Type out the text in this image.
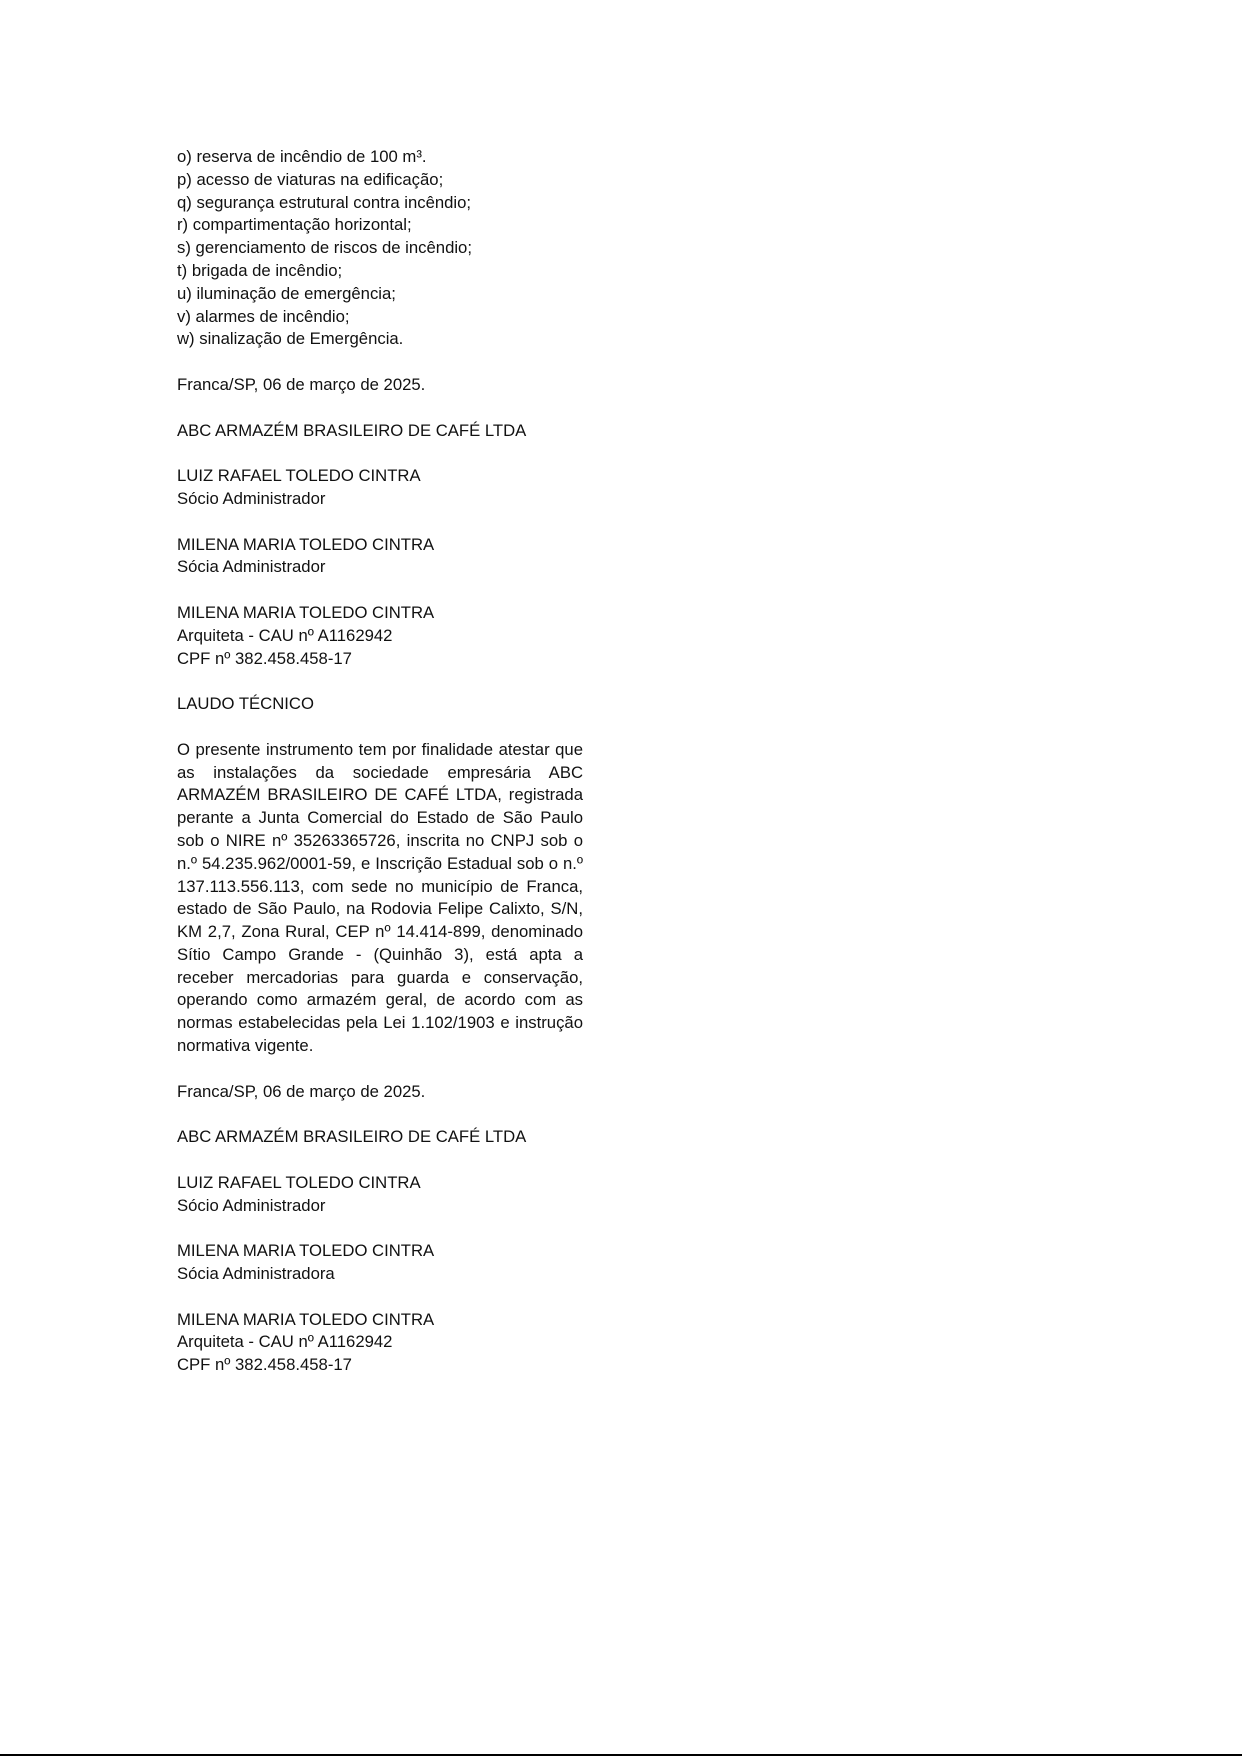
o) reserva de incêndio de 100 m³.
p) acesso de viaturas na edificação;
q) segurança estrutural contra incêndio;
r) compartimentação horizontal;
s) gerenciamento de riscos de incêndio;
t) brigada de incêndio;
u) iluminação de emergência;
v) alarmes de incêndio;
w) sinalização de Emergência.
Franca/SP, 06 de março de 2025.
ABC ARMAZÉM BRASILEIRO DE CAFÉ LTDA
LUIZ RAFAEL TOLEDO CINTRA
Sócio Administrador
MILENA MARIA TOLEDO CINTRA
Sócia Administrador
MILENA MARIA TOLEDO CINTRA
Arquiteta - CAU nº A1162942
CPF nº 382.458.458-17
LAUDO TÉCNICO
O presente instrumento tem por finalidade atestar que as instalações da sociedade empresária ABC ARMAZÉM BRASILEIRO DE CAFÉ LTDA, registrada perante a Junta Comercial do Estado de São Paulo sob o NIRE nº 35263365726, inscrita no CNPJ sob o n.º 54.235.962/0001-59, e Inscrição Estadual sob o n.º 137.113.556.113, com sede no município de Franca, estado de São Paulo, na Rodovia Felipe Calixto, S/N, KM 2,7, Zona Rural, CEP nº 14.414-899, denominado Sítio Campo Grande - (Quinhão 3), está apta a receber mercadorias para guarda e conservação, operando como armazém geral, de acordo com as normas estabelecidas pela Lei 1.102/1903 e instrução normativa vigente.
Franca/SP, 06 de março de 2025.
ABC ARMAZÉM BRASILEIRO DE CAFÉ LTDA
LUIZ RAFAEL TOLEDO CINTRA
Sócio Administrador
MILENA MARIA TOLEDO CINTRA
Sócia Administradora
MILENA MARIA TOLEDO CINTRA
Arquiteta - CAU nº A1162942
CPF nº 382.458.458-17
